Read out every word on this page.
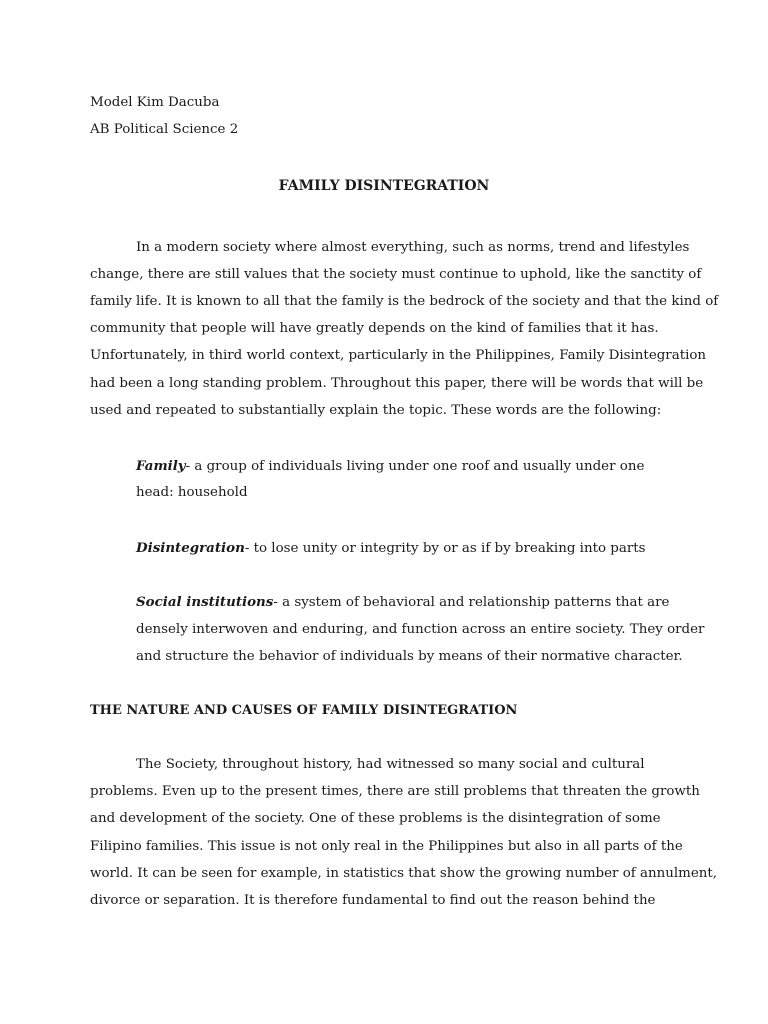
Model Kim Dacuba
AB Political Science 2
FAMILY DISINTEGRATION
In a modern society where almost everything, such as norms, trend and lifestyles
change, there are still values that the society must continue to uphold, like the sanctity of
family life. It is known to all that the family is the bedrock of the society and that the kind of
community that people will have greatly depends on the kind of families that it has.
Unfortunately, in third world context, particularly in the Philippines, Family Disintegration
had been a long standing problem. Throughout this paper, there will be words that will be
used and repeated to substantially explain the topic. These words are the following:
Family- a group of individuals living under one roof and usually under one
head: household
Disintegration- to lose unity or integrity by or as if by breaking into parts
Social institutions- a system of behavioral and relationship patterns that are
densely interwoven and enduring, and function across an entire society. They order
and structure the behavior of individuals by means of their normative character.
THE NATURE AND CAUSES OF FAMILY DISINTEGRATION
The Society, throughout history, had witnessed so many social and cultural
problems. Even up to the present times, there are still problems that threaten the growth
and development of the society. One of these problems is the disintegration of some
Filipino families. This issue is not only real in the Philippines but also in all parts of the
world. It can be seen for example, in statistics that show the growing number of annulment,
divorce or separation. It is therefore fundamental to find out the reason behind the
